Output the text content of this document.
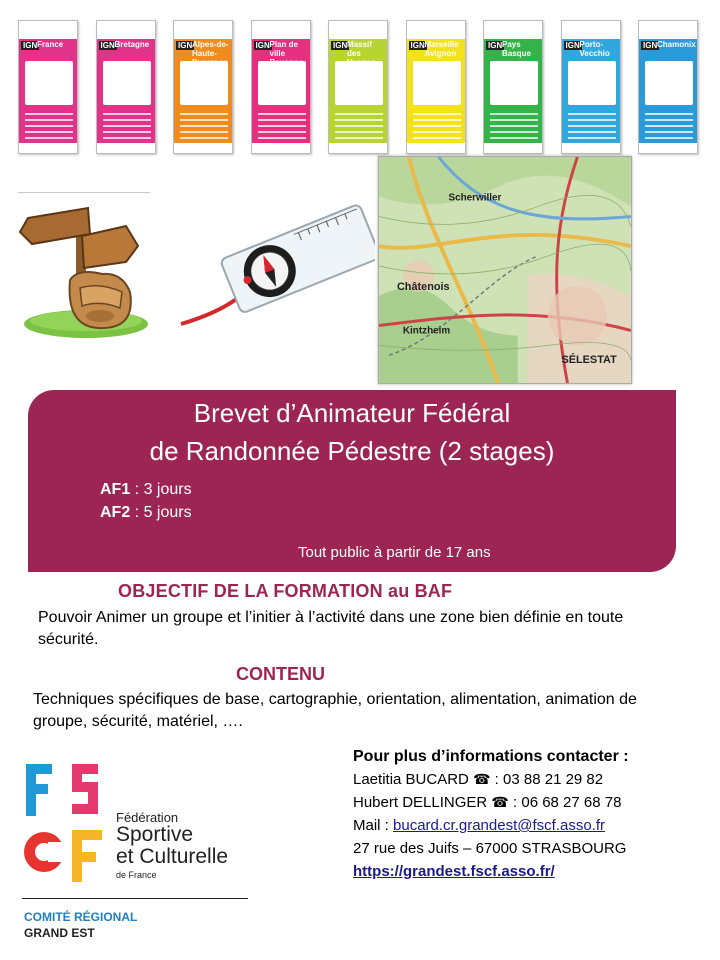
IGN France	IGN Bretagne	IGN Alpes-de-Haute-
IGN Plan de ville
IGN Massif des
IGN Marseille Avignon
IGN Pays Basque
IGN Porto-Vecchio
IGN Chamonix
Scherwiller
Châtenois
Kintzheim
SÉLESTAT
Brevet d’Animateur Fédéral
de Randonnée Pédestre (2 stages)
AF1 : 3 jours
AF2 : 5 jours
Tout public à partir de 17 ans
OBJECTIF DE LA FORMATION au BAF
Pouvoir Animer un groupe et l’initier à l’activité dans une zone bien définie en toute sécurité.
CONTENU
Techniques spécifiques de base, cartographie, orientation, alimentation, animation de groupe, sécurité, matériel, ….
Fédération
Sportive
et Culturelle
de France
COMITÉ RÉGIONAL
GRAND EST
Pour plus d’informations contacter :
Laetitia BUCARD ☎ : 03 88 21 29 82
Hubert DELLINGER ☎ : 06 68 27 68 78
Mail : bucard.cr.grandest@fscf.asso.fr
27 rue des Juifs – 67000 STRASBOURG
https://grandest.fscf.asso.fr/
